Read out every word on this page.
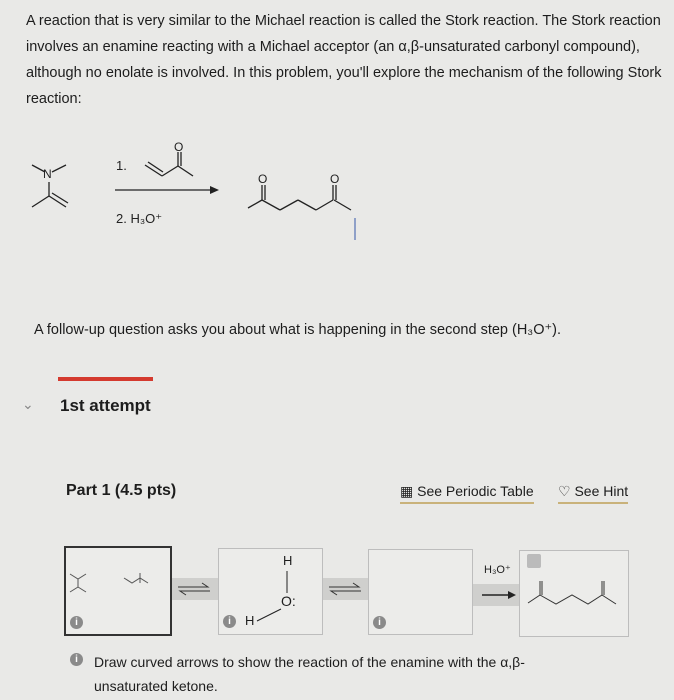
A reaction that is very similar to the Michael reaction is called the Stork reaction. The Stork reaction involves an enamine reacting with a Michael acceptor (an α,β-unsaturated carbonyl compound), although no enolate is involved. In this problem, you'll explore the mechanism of the following Stork reaction:
N
O
O	O
1.
2. H₃O⁺
A follow-up question asks you about what is happening in the second step (H₃O⁺).
⌄ 1st attempt
Part 1 (4.5 pts)	▦ See Periodic Table ♡ See Hint
H₃O⁺
i
H
O:
H
i	i
i	Draw curved arrows to show the reaction of the enamine with the α,β-unsaturated ketone.
